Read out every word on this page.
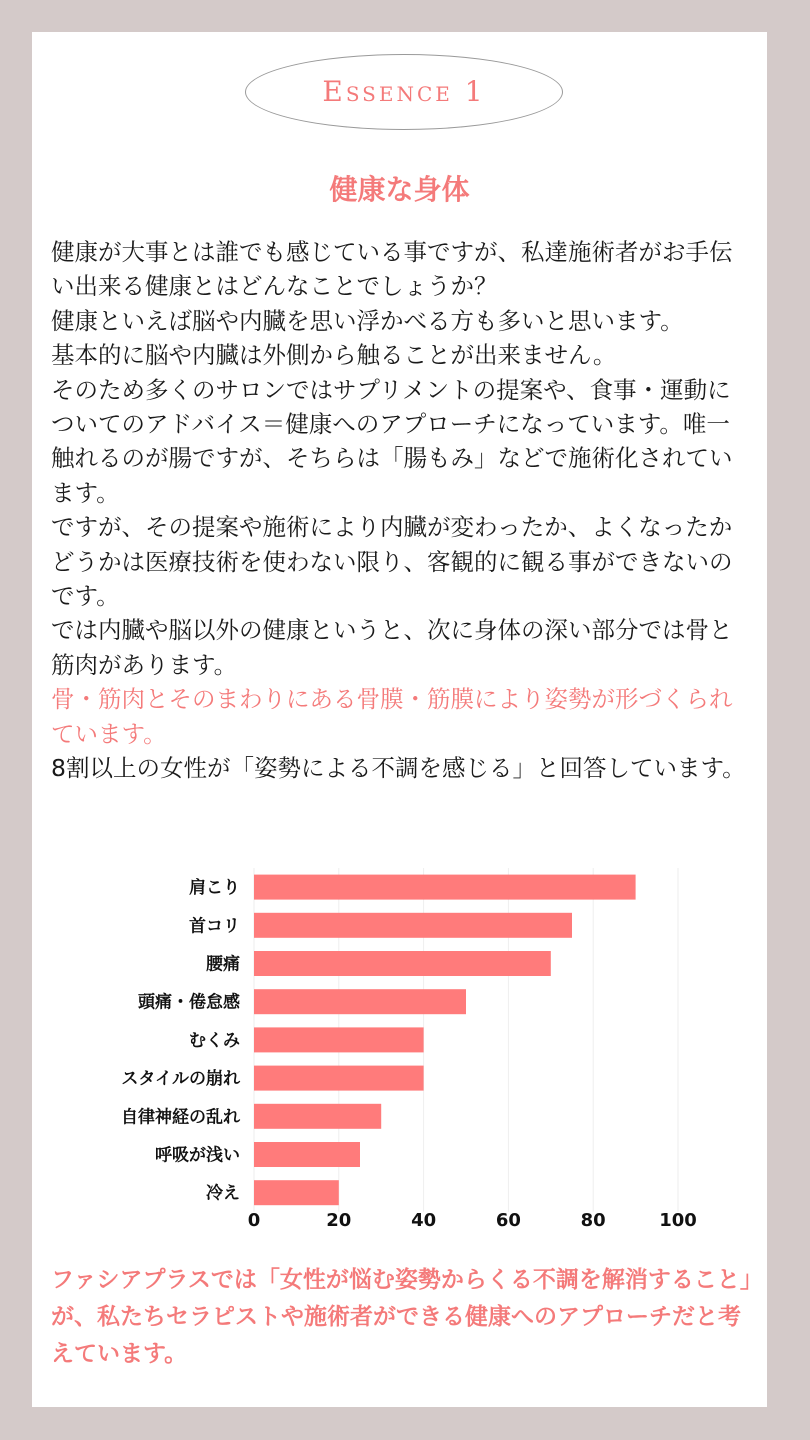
Essence 1
健康な身体

健康が大事とは誰でも感じている事ですが、私達施術者がお手伝い出来る健康とはどんなことでしょうか？

健康といえば脳や内臓を思い浮かべる方も多いと思います。

基本的に脳や内臓は外側から触ることが出来ません。

そのため多くのサロンではサプリメントの提案や、食事・運動についてのアドバイス＝健康へのアプローチになっています。唯一触れるのが腸ですが、そちらは「腸もみ」などで施術化されています。

ですが、その提案や施術により内臓が変わったか、よくなったかどうかは医療技術を使わない限り、客観的に観る事ができないのです。

では内臓や脳以外の健康というと、次に身体の深い部分では骨と筋肉があります。

骨・筋肉とそのまわりにある骨膜・筋膜により姿勢が形づくられています。

8割以上の女性が「姿勢による不調を感じる」と回答しています。

ファシアプラスでは「女性が悩む姿勢からくる不調を解消すること」が、私たちセラピストや施術者ができる健康へのアプローチだと考えています。
0	20	40	60	80	100
肩こり
首コリ
腰痛
頭痛・倦怠感
むくみ
スタイルの崩れ
自律神経の乱れ
呼吸が浅い
冷え
